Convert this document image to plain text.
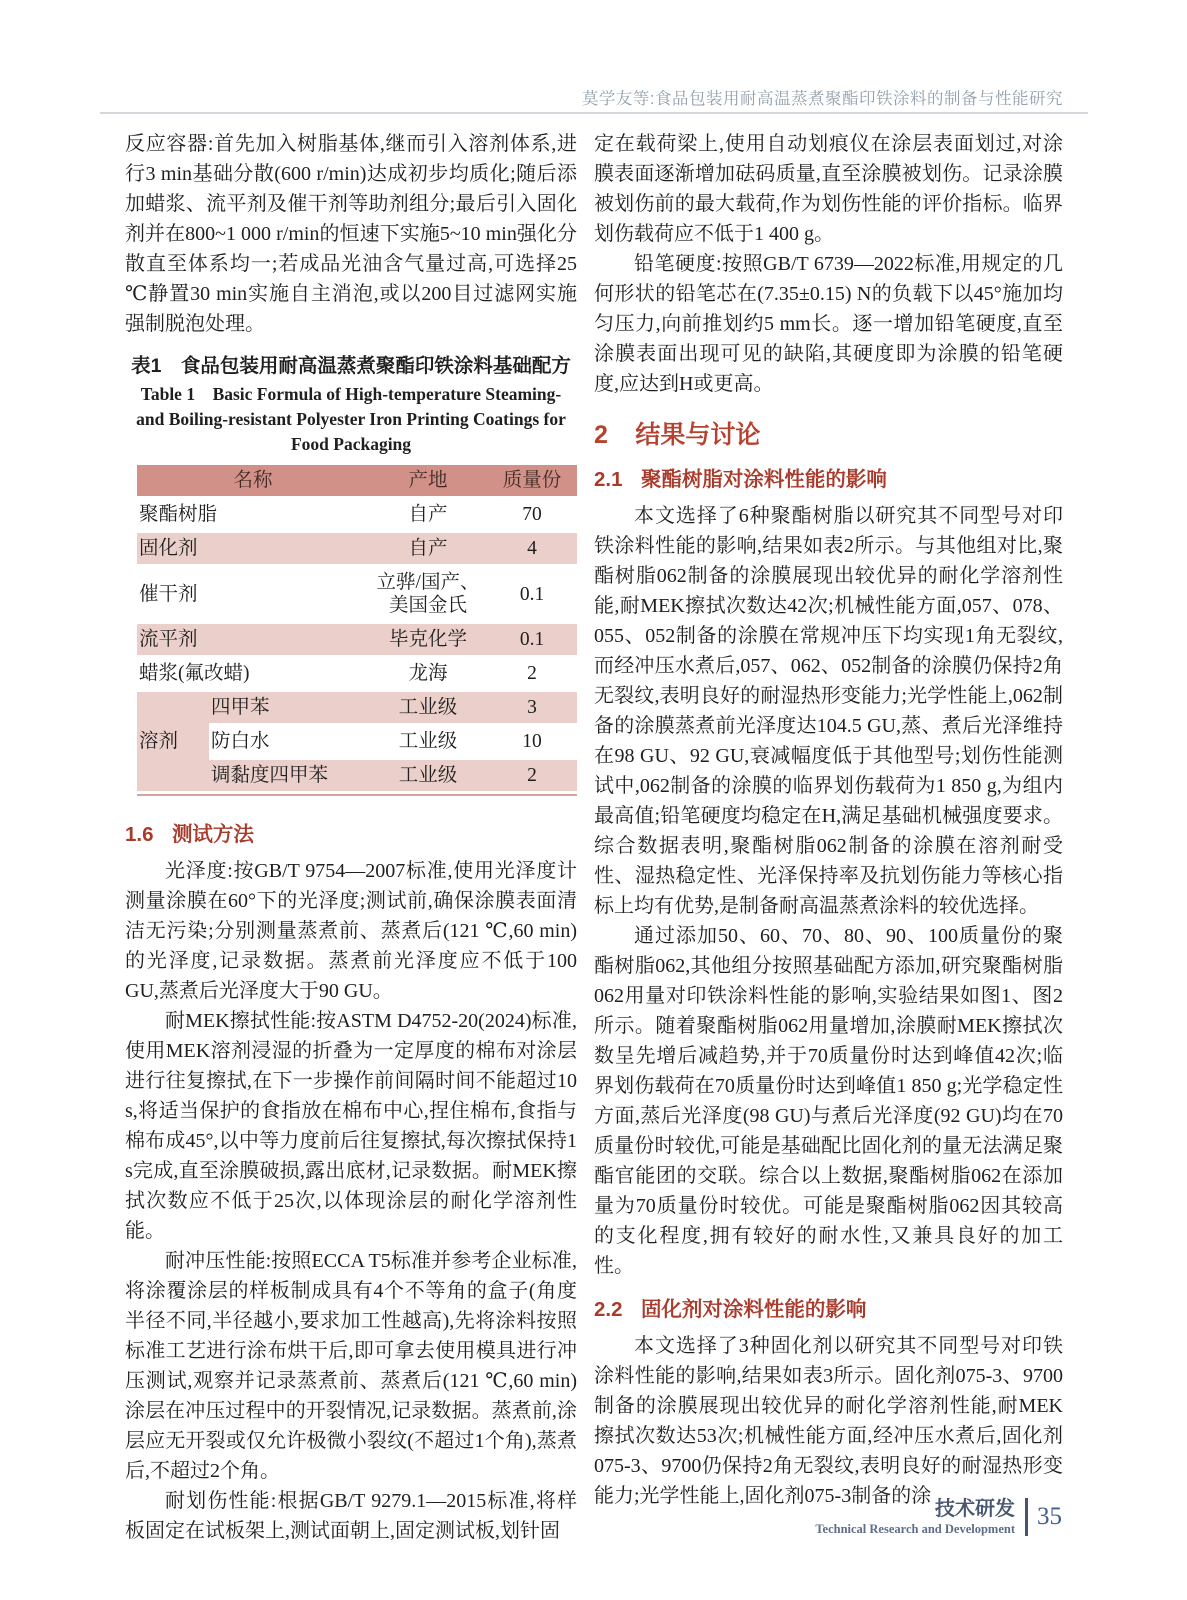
莫学友等:食品包装用耐高温蒸煮聚酯印铁涂料的制备与性能研究

反应容器:首先加入树脂基体,继而引入溶剂体系,进行3 min基础分散(600 r/min)达成初步均质化;随后添加蜡浆、流平剂及催干剂等助剂组分;最后引入固化剂并在800~1 000 r/min的恒速下实施5~10 min强化分散直至体系均一;若成品光油含气量过高,可选择25 ℃静置30 min实施自主消泡,或以200目过滤网实施强制脱泡处理。

表1　食品包装用耐高温蒸煮聚酯印铁涂料基础配方

Table 1　Basic Formula of High-temperature Steaming- and Boiling-resistant Polyester Iron Printing Coatings for Food Packaging

名称		产地	质量份
聚酯树脂		自产	70
固化剂		自产	4
催干剂		立骅/国产、美国金氏	0.1
流平剂		毕克化学	0.1
蜡浆(氟改蜡)		龙海	2
溶剂	四甲苯	工业级	3
	防白水	工业级	10
	调黏度四甲苯	工业级	2

1.6 测试方法

光泽度:按GB/T 9754—2007标准,使用光泽度计测量涂膜在60°下的光泽度;测试前,确保涂膜表面清洁无污染;分别测量蒸煮前、蒸煮后(121 ℃,60 min)的光泽度,记录数据。蒸煮前光泽度应不低于100 GU,蒸煮后光泽度大于90 GU。

耐MEK擦拭性能:按ASTM D4752-20(2024)标准,使用MEK溶剂浸湿的折叠为一定厚度的棉布对涂层进行往复擦拭,在下一步操作前间隔时间不能超过10 s,将适当保护的食指放在棉布中心,捏住棉布,食指与棉布成45°,以中等力度前后往复擦拭,每次擦拭保持1 s完成,直至涂膜破损,露出底材,记录数据。耐MEK擦拭次数应不低于25次,以体现涂层的耐化学溶剂性能。

耐冲压性能:按照ECCA T5标准并参考企业标准,将涂覆涂层的样板制成具有4个不等角的盒子(角度半径不同,半径越小,要求加工性越高),先将涂料按照标准工艺进行涂布烘干后,即可拿去使用模具进行冲压测试,观察并记录蒸煮前、蒸煮后(121 ℃,60 min)涂层在冲压过程中的开裂情况,记录数据。蒸煮前,涂层应无开裂或仅允许极微小裂纹(不超过1个角),蒸煮后,不超过2个角。

耐划伤性能:根据GB/T 9279.1—2015标准,将样板固定在试板架上,测试面朝上,固定测试板,划针固

定在载荷梁上,使用自动划痕仪在涂层表面划过,对涂膜表面逐渐增加砝码质量,直至涂膜被划伤。记录涂膜被划伤前的最大载荷,作为划伤性能的评价指标。临界划伤载荷应不低于1 400 g。

铅笔硬度:按照GB/T 6739—2022标准,用规定的几何形状的铅笔芯在(7.35±0.15) N的负载下以45°施加均匀压力,向前推划约5 mm长。逐一增加铅笔硬度,直至涂膜表面出现可见的缺陷,其硬度即为涂膜的铅笔硬度,应达到H或更高。

2 结果与讨论

2.1 聚酯树脂对涂料性能的影响

本文选择了6种聚酯树脂以研究其不同型号对印铁涂料性能的影响,结果如表2所示。与其他组对比,聚酯树脂062制备的涂膜展现出较优异的耐化学溶剂性能,耐MEK擦拭次数达42次;机械性能方面,057、078、055、052制备的涂膜在常规冲压下均实现1角无裂纹,而经冲压水煮后,057、062、052制备的涂膜仍保持2角无裂纹,表明良好的耐湿热形变能力;光学性能上,062制备的涂膜蒸煮前光泽度达104.5 GU,蒸、煮后光泽维持在98 GU、92 GU,衰减幅度低于其他型号;划伤性能测试中,062制备的涂膜的临界划伤载荷为1 850 g,为组内最高值;铅笔硬度均稳定在H,满足基础机械强度要求。综合数据表明,聚酯树脂062制备的涂膜在溶剂耐受性、湿热稳定性、光泽保持率及抗划伤能力等核心指标上均有优势,是制备耐高温蒸煮涂料的较优选择。

通过添加50、60、70、80、90、100质量份的聚酯树脂062,其他组分按照基础配方添加,研究聚酯树脂062用量对印铁涂料性能的影响,实验结果如图1、图2所示。随着聚酯树脂062用量增加,涂膜耐MEK擦拭次数呈先增后减趋势,并于70质量份时达到峰值42次;临界划伤载荷在70质量份时达到峰值1 850 g;光学稳定性方面,蒸后光泽度(98 GU)与煮后光泽度(92 GU)均在70质量份时较优,可能是基础配比固化剂的量无法满足聚酯官能团的交联。综合以上数据,聚酯树脂062在添加量为70质量份时较优。可能是聚酯树脂062因其较高的支化程度,拥有较好的耐水性,又兼具良好的加工性。

2.2 固化剂对涂料性能的影响

本文选择了3种固化剂以研究其不同型号对印铁涂料性能的影响,结果如表3所示。固化剂075-3、9700制备的涂膜展现出较优异的耐化学溶剂性能,耐MEK擦拭次数达53次;机械性能方面,经冲压水煮后,固化剂075-3、9700仍保持2角无裂纹,表明良好的耐湿热形变能力;光学性能上,固化剂075-3制备的涂

技术研发
Technical Research and Development 35
